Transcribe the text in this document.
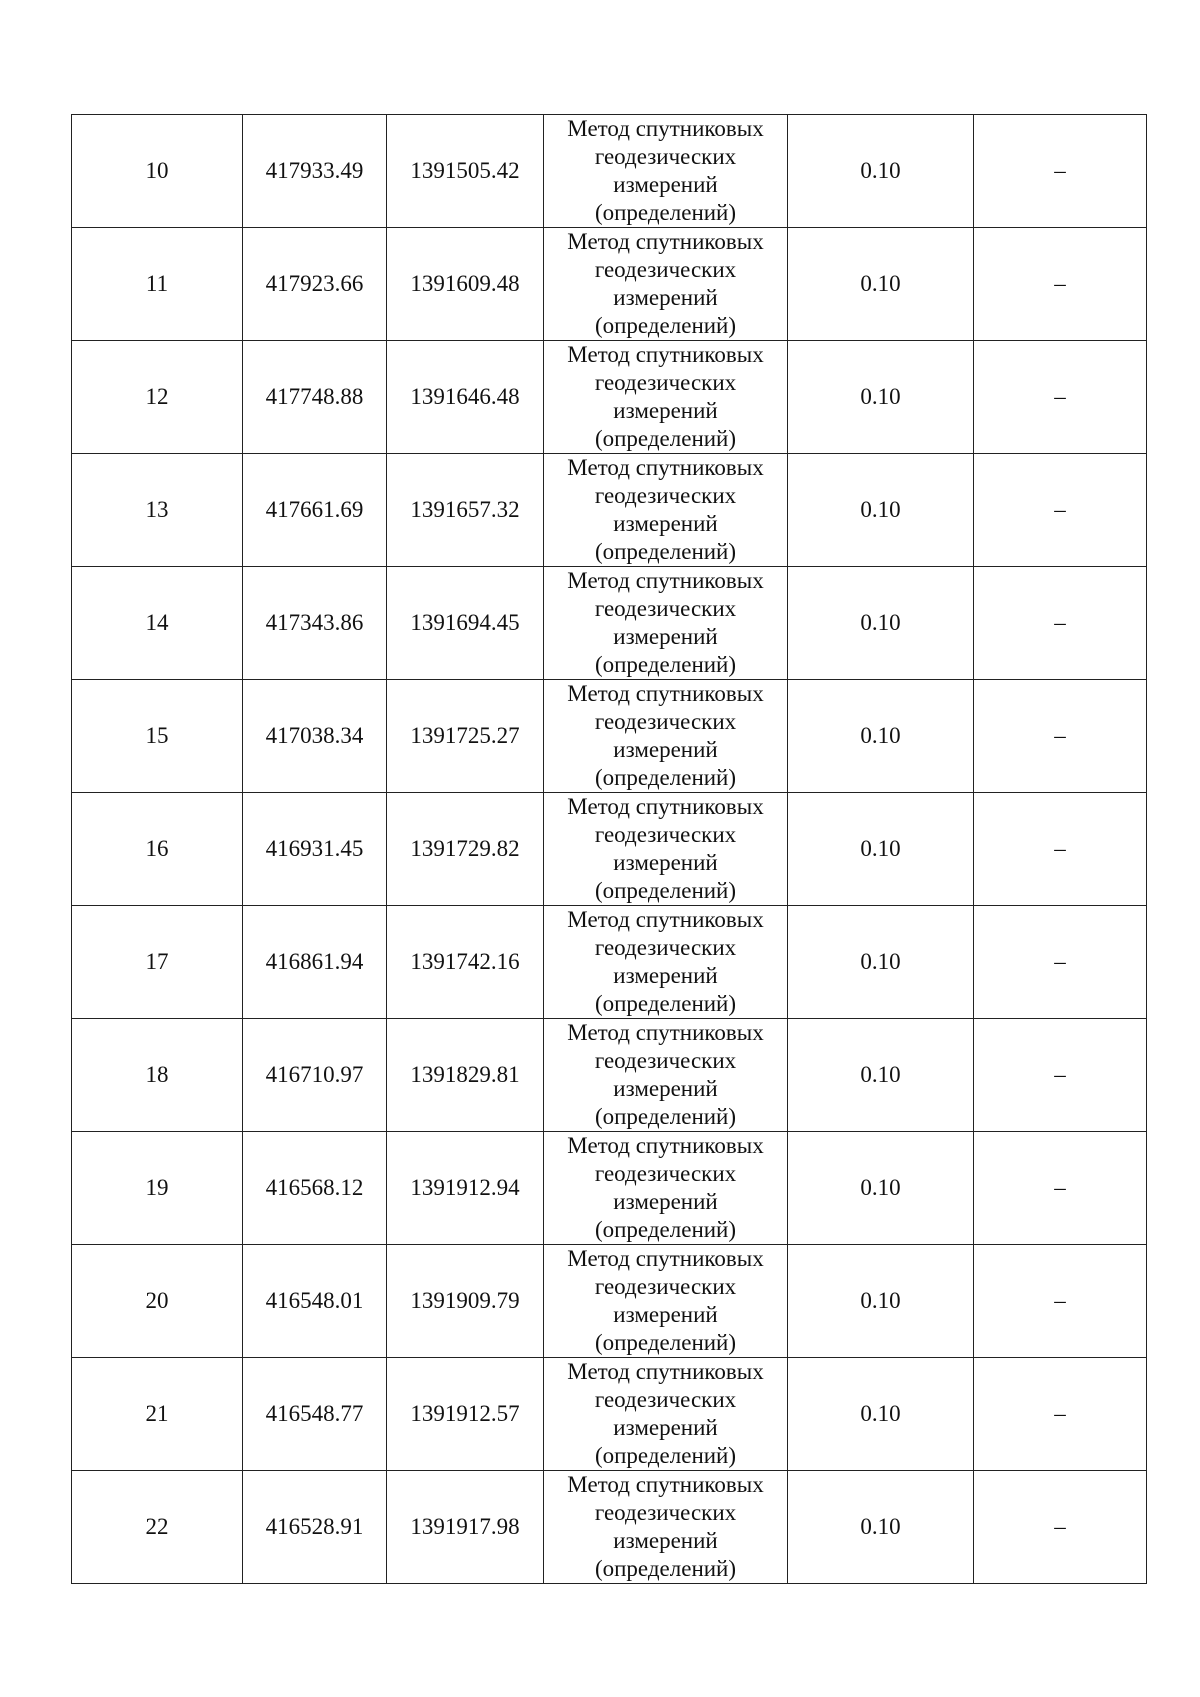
10	417933.49	1391505.42	Метод спутниковых
геодезических
измерений
(определений)	0.10	–
11	417923.66	1391609.48	Метод спутниковых
геодезических
измерений
(определений)	0.10	–
12	417748.88	1391646.48	Метод спутниковых
геодезических
измерений
(определений)	0.10	–
13	417661.69	1391657.32	Метод спутниковых
геодезических
измерений
(определений)	0.10	–
14	417343.86	1391694.45	Метод спутниковых
геодезических
измерений
(определений)	0.10	–
15	417038.34	1391725.27	Метод спутниковых
геодезических
измерений
(определений)	0.10	–
16	416931.45	1391729.82	Метод спутниковых
геодезических
измерений
(определений)	0.10	–
17	416861.94	1391742.16	Метод спутниковых
геодезических
измерений
(определений)	0.10	–
18	416710.97	1391829.81	Метод спутниковых
геодезических
измерений
(определений)	0.10	–
19	416568.12	1391912.94	Метод спутниковых
геодезических
измерений
(определений)	0.10	–
20	416548.01	1391909.79	Метод спутниковых
геодезических
измерений
(определений)	0.10	–
21	416548.77	1391912.57	Метод спутниковых
геодезических
измерений
(определений)	0.10	–
22	416528.91	1391917.98	Метод спутниковых
геодезических
измерений
(определений)	0.10	–
